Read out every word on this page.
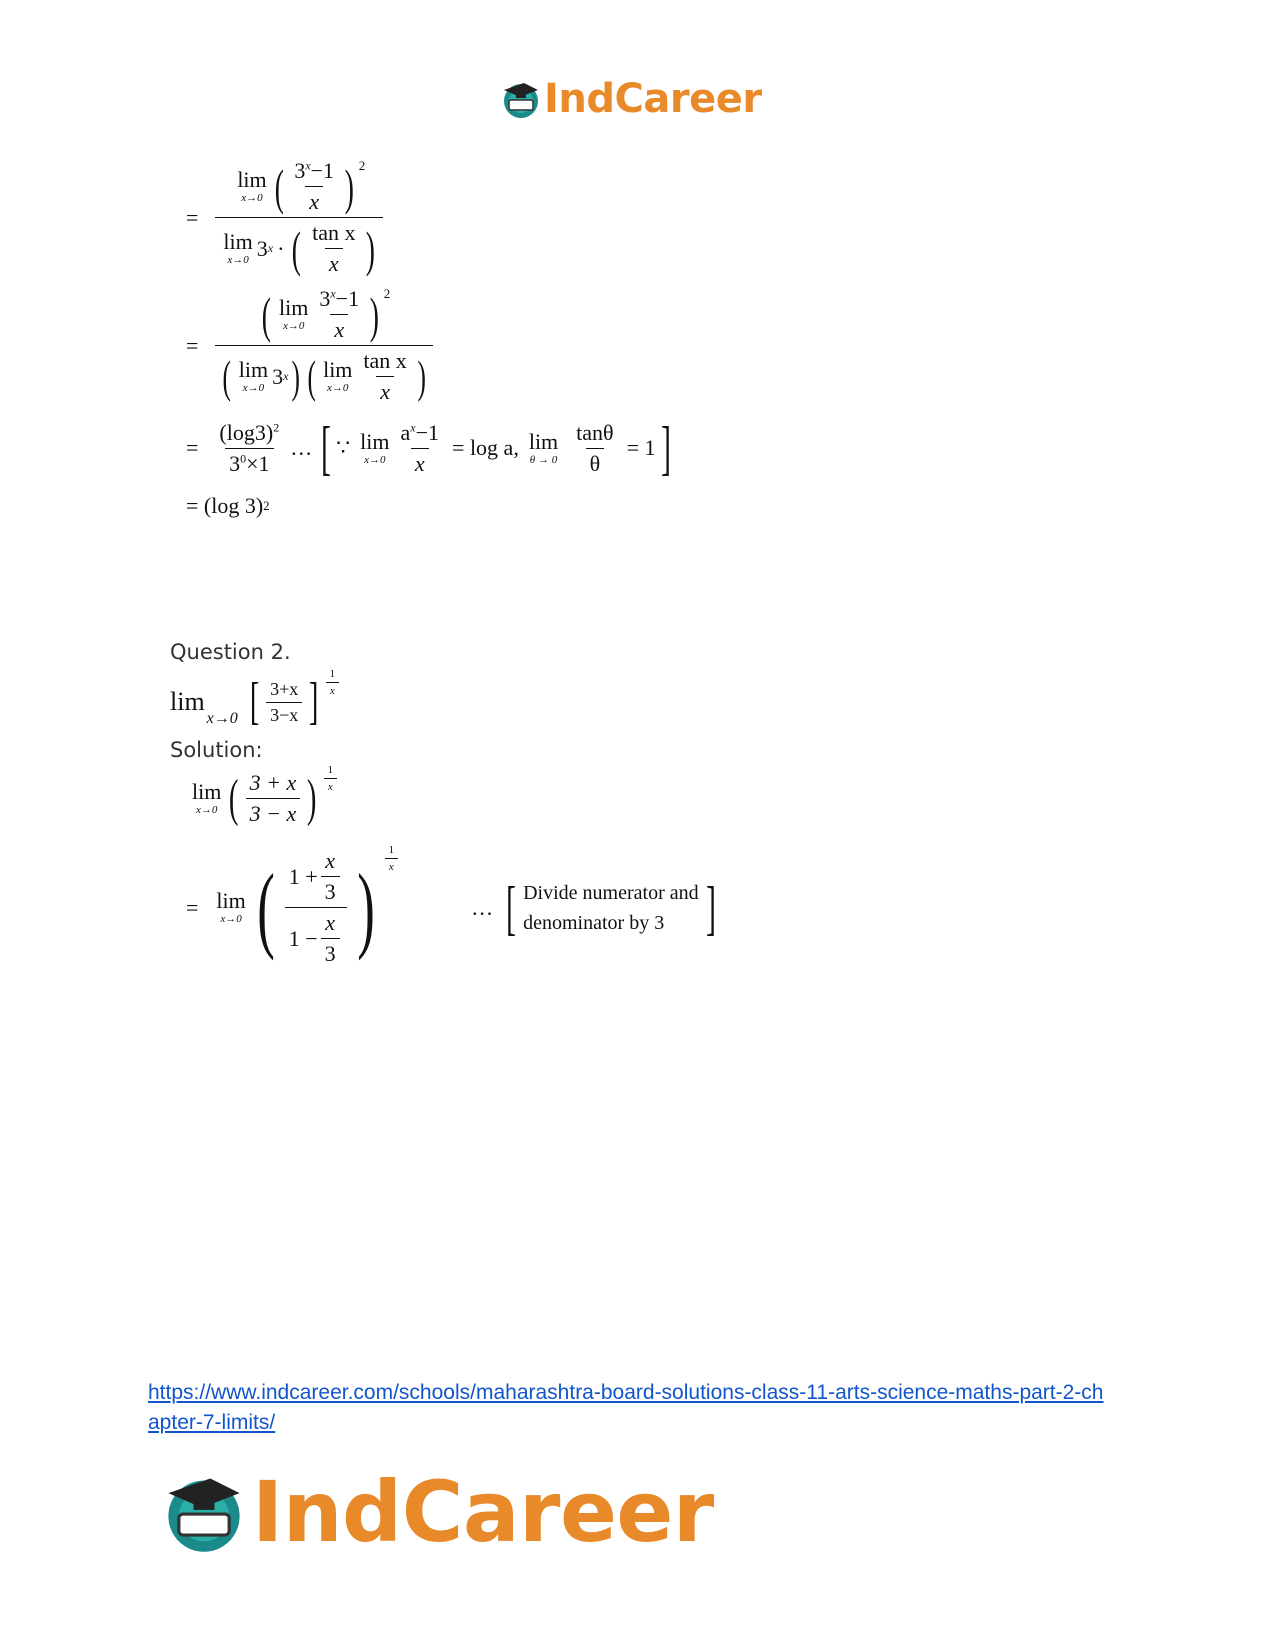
IndCareer
=
lim
x→0 ( $\frac{3^x-1}{x}$ ) 2
lim
x→0 3 x · ( $\frac{\text{tan x}}{x}$ )
=
( lim
$x\to 0 \frac{3^x-1}{x}$ ) 2
( lim
x→0 3 x ) ( lim
$x\to 0 \frac{\text{tan x}}{x}$ )
= $\frac{(\log 3)^2}{3^0\times 1}$ … [ ∵ lim
$x\to 0 \frac{a^x-1}{x} = \log a$, lim
$\theta \to 0 \frac{\tan\theta}{\theta} = 1$ ]
= (log 3) 2
Question 2.
lim
x→0 [ $\frac{3+x}{3-x}$ ] $\frac{1}{x}$
Solution:
lim
x→0 ( $\frac{3 + x}{3 - x}$ ) $\frac{1}{x}$
= lim
x→0 ( $\frac{1 + \frac{x}{3}}{1 - \frac{x}{3}}$ ) $\frac{1}{x}$
… [ Divide numerator and
denominator by 3 ]
https://www.indcareer.com/schools/maharashtra-board-solutions-class-11-arts-science-maths-part-2-chapter-7-limits/
IndCareer
